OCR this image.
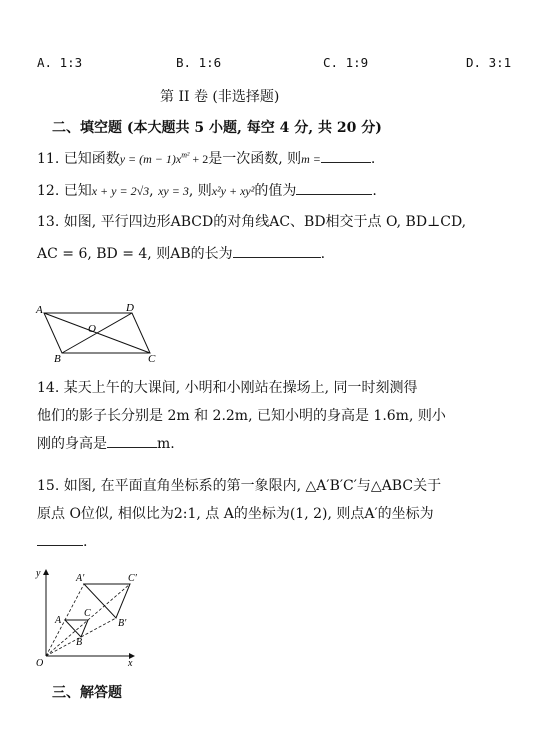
A. 1:3	B. 1:6	C. 1:9	D. 3:1
第 II 卷 (非选择题)
二、填空题 (本大题共 5 小题, 每空 4 分, 共 20 分)
11. 已知函数$y = (m - 1)x^{m^2} + 2$是一次函数, 则m =	.
12. 已知x + y = 2√3, xy = 3, 则x²y + xy²的值为	.
13. 如图, 平行四边形ABCD的对角线AC、BD相交于点 O, BD⊥CD,
AC = 6, BD = 4, 则AB的长为	.
A	D
B	C
O
14. 某天上午的大课间, 小明和小刚站在操场上, 同一时刻测得
他们的影子长分别是 2m 和 2.2m, 已知小明的身高是 1.6m, 则小
刚的身高是	m.
15. 如图, 在平面直角坐标系的第一象限内, △A′B′C′与△ABC关于
原点 O位似, 相似比为2:1, 点 A的坐标为(1, 2), 则点A′的坐标为
.
y
x
O
A
B
C
A′
B′
C′
三、解答题
